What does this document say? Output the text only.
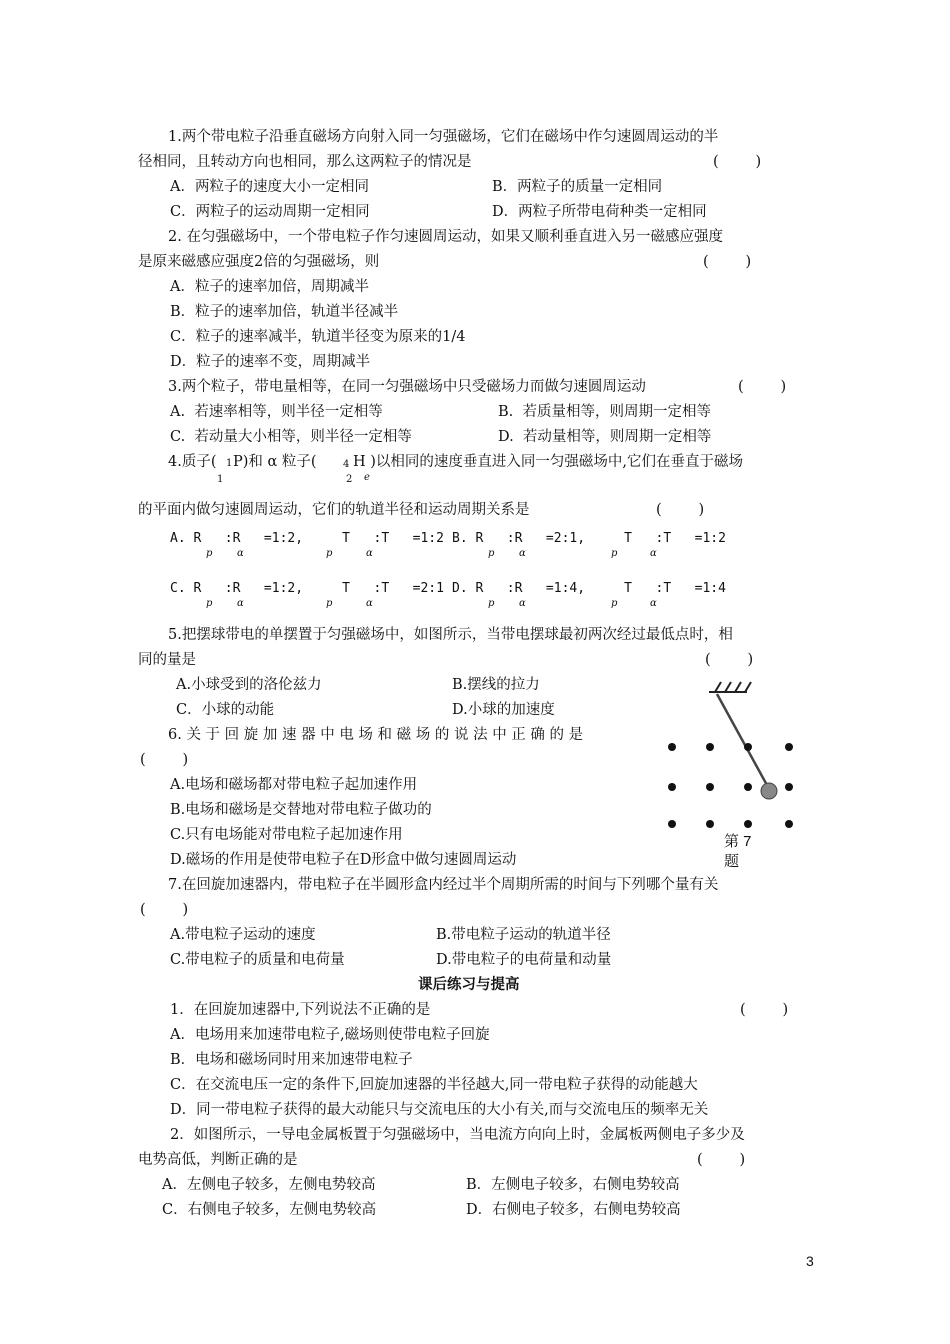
1.两个带电粒子沿垂直磁场方向射入同一匀强磁场，它们在磁场中作匀速圆周运动的半
径相同，且转动方向也相同，那么这两粒子的情况是	(        )
A．两粒子的速度大小一定相同	B．两粒子的质量一定相同
C．两粒子的运动周期一定相同	D．两粒子所带电荷种类一定相同
2. 在匀强磁场中，一个带电粒子作匀速圆周运动，如果又顺利垂直进入另一磁感应强度
是原来磁感应强度2倍的匀强磁场，则	(        )
A．粒子的速率加倍，周期减半
B．粒子的速率加倍，轨道半径减半
C．粒子的速率减半，轨道半径变为原来的1/4
D．粒子的速率不变，周期减半
3.两个粒子，带电量相等，在同一匀强磁场中只受磁场力而做匀速圆周运动	(        )
A.  若速率相等，则半径一定相等	B.  若质量相等，则周期一定相等
C.  若动量大小相等，则半径一定相等	D.  若动量相等，则周期一定相等
4.质子( 1 P)和 α 粒子(
1
4 H )以相同的速度垂直进入同一匀强磁场中,它们在垂直于磁场
2 e
的平面内做匀速圆周运动，它们的轨道半径和运动周期关系是	(        )
A. R   :R   =1:2,     T   :T   =1:2 B. R   :R   =2:1,     T   :T   =1:2
C. R   :R   =1:2,     T   :T   =2:1 D. R   :R   =1:4,     T   :T   =1:4
p α	p	α	p α	p	α
p α	p	α	p α	p	α
5.把摆球带电的单摆置于匀强磁场中，如图所示，当带电摆球最初两次经过最低点时，相
同的量是	(        )
A.小球受到的洛伦兹力	B.摆线的拉力
C．小球的动能	D.小球的加速度
第 7
题
6. 关 于 回 旋 加 速 器 中 电 场 和 磁 场 的 说 法 中 正 确 的 是
(        )
A.电场和磁场都对带电粒子起加速作用
B.电场和磁场是交替地对带电粒子做功的
C.只有电场能对带电粒子起加速作用
D.磁场的作用是使带电粒子在D形盒中做匀速圆周运动
7.在回旋加速器内，带电粒子在半圆形盒内经过半个周期所需的时间与下列哪个量有关
(        )
A.带电粒子运动的速度	B.带电粒子运动的轨道半径
C.带电粒子的质量和电荷量	D.带电粒子的电荷量和动量
课后练习与提高
1．在回旋加速器中,下列说法不正确的是	(        )
A．电场用来加速带电粒子,磁场则使带电粒子回旋
B．电场和磁场同时用来加速带电粒子
C．在交流电压一定的条件下,回旋加速器的半径越大,同一带电粒子获得的动能越大
D．同一带电粒子获得的最大动能只与交流电压的大小有关,而与交流电压的频率无关
2．如图所示，一导电金属板置于匀强磁场中，当电流方向向上时，金属板两侧电子多少及
电势高低，判断正确的是	(        )
A．左侧电子较多，左侧电势较高	B．左侧电子较多，右侧电势较高
C．右侧电子较多，左侧电势较高	D．右侧电子较多，右侧电势较高
3
